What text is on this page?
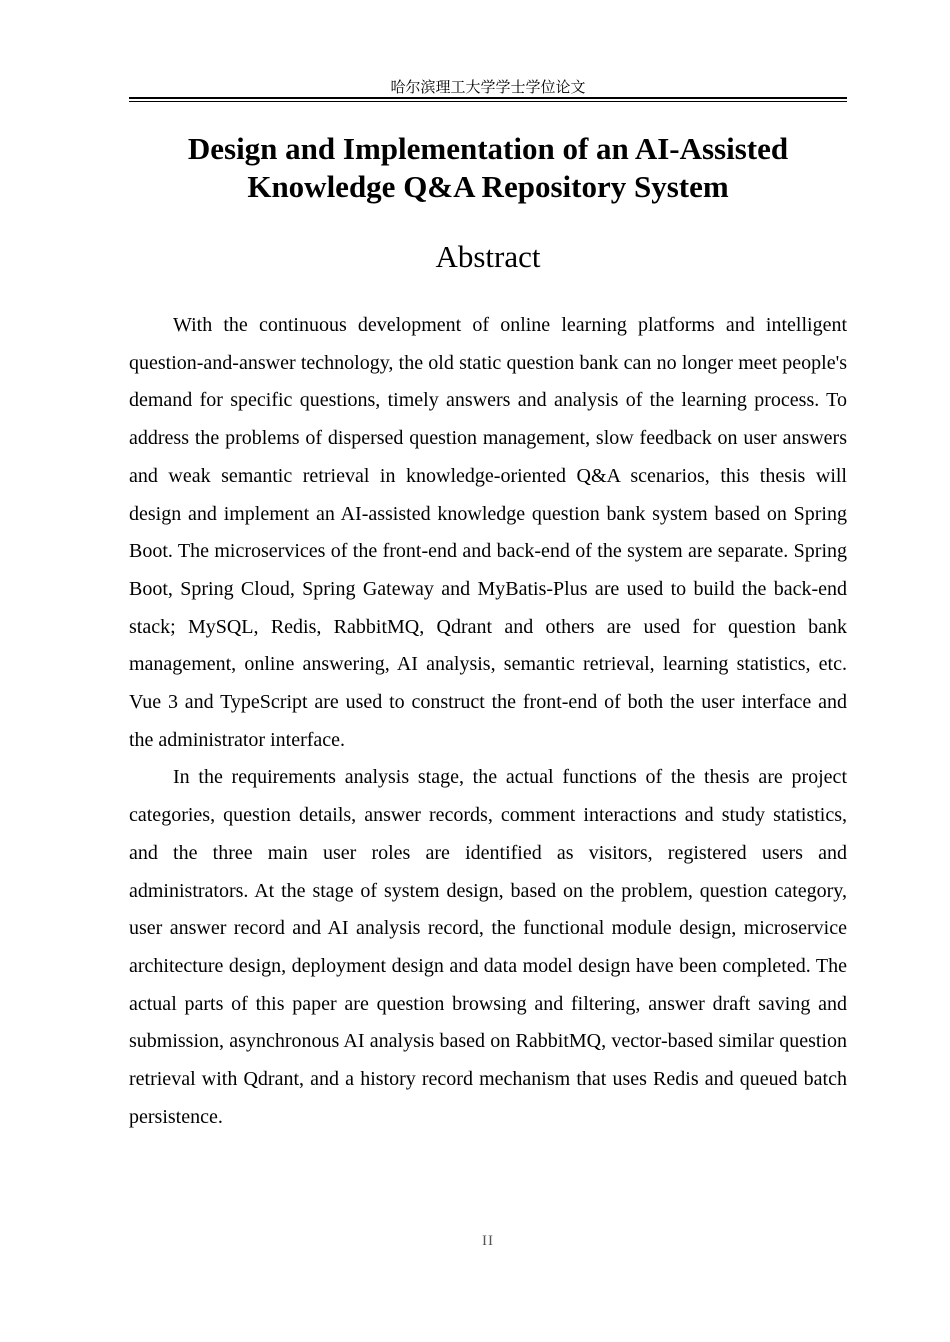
哈尔滨理工大学学士学位论文
Design and Implementation of an AI-Assisted
Knowledge Q&A Repository System
Abstract

With the continuous development of online learning platforms and intelligent question-and-answer technology, the old static question bank can no longer meet people's demand for specific questions, timely answers and analysis of the learning process. To address the problems of dispersed question management, slow feedback on user answers and weak semantic retrieval in knowledge-oriented Q&A scenarios, this thesis will design and implement an AI-assisted knowledge question bank system based on Spring Boot. The microservices of the front-end and back-end of the system are separate. Spring Boot, Spring Cloud, Spring Gateway and MyBatis-Plus are used to build the back-end stack; MySQL, Redis, RabbitMQ, Qdrant and others are used for question bank management, online answering, AI analysis, semantic retrieval, learning statistics, etc. Vue 3 and TypeScript are used to construct the front-end of both the user interface and the administrator interface.

In the requirements analysis stage, the actual functions of the thesis are project categories, question details, answer records, comment interactions and study statistics, and the three main user roles are identified as visitors, registered users and administrators. At the stage of system design, based on the problem, question category, user answer record and AI analysis record, the functional module design, microservice architecture design, deployment design and data model design have been completed. The actual parts of this paper are question browsing and filtering, answer draft saving and submission, asynchronous AI analysis based on RabbitMQ, vector-based similar question retrieval with Qdrant, and a history record mechanism that uses Redis and queued batch persistence.

II
